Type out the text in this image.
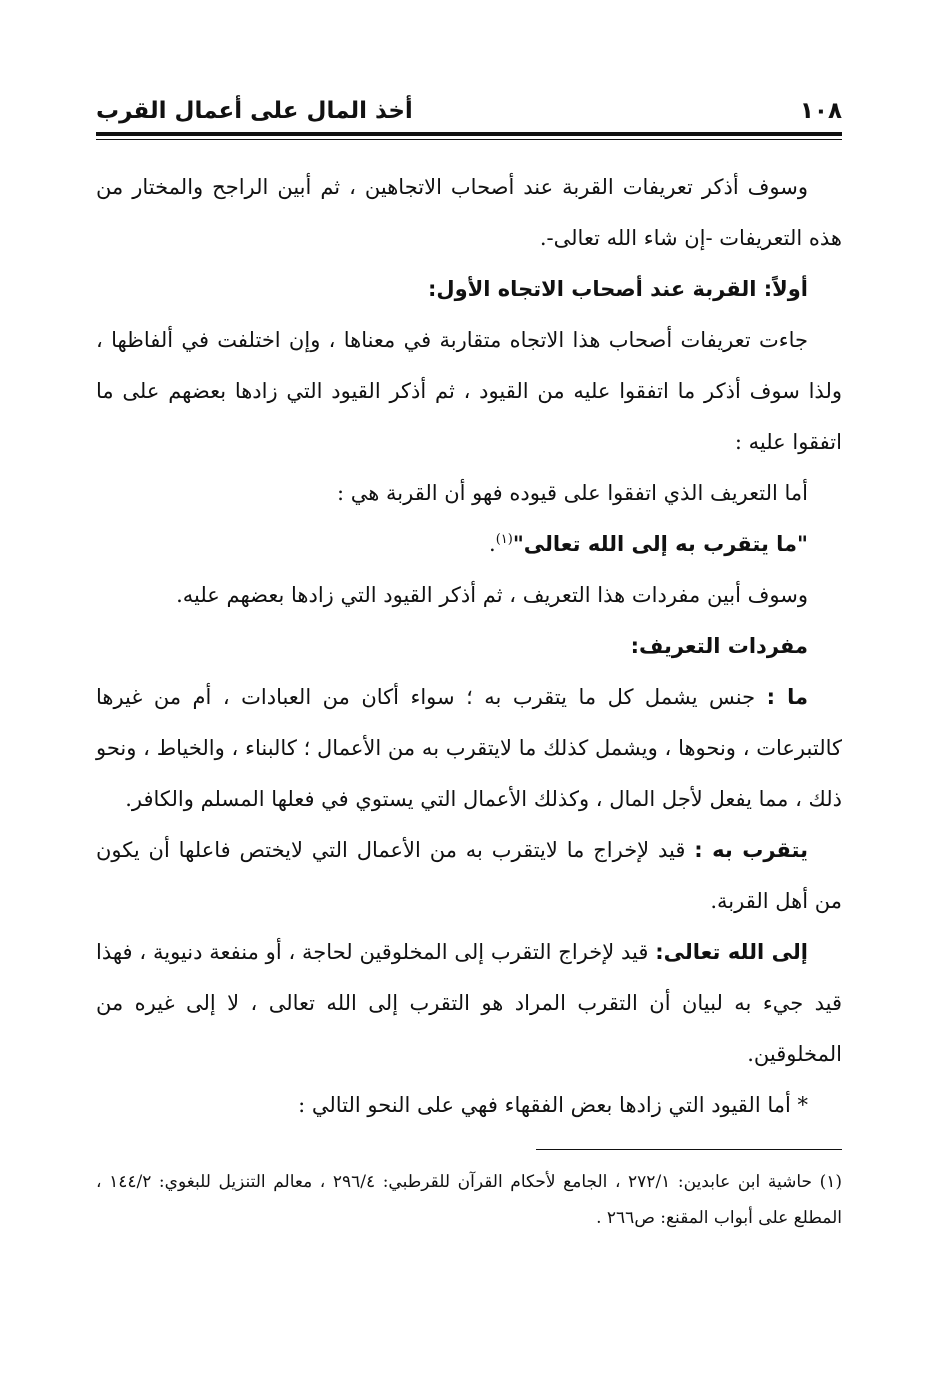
١٠٨
أخذ المال على أعمال القرب

وسوف أذكر تعريفات القربة عند أصحاب الاتجاهين ، ثم أبين الراجح والمختار من هذه التعريفات -إن شاء الله تعالى-.

أولاً: القربة عند أصحاب الاتجاه الأول:

جاءت تعريفات أصحاب هذا الاتجاه متقاربة في معناها ، وإن اختلفت في ألفاظها ، ولذا سوف أذكر ما اتفقوا عليه من القيود ، ثم أذكر القيود التي زادها بعضهم على ما اتفقوا عليه :

أما التعريف الذي اتفقوا على قيوده فهو أن القربة هي :

"ما يتقرب به إلى الله تعالى"$^{(١)}$.

وسوف أبين مفردات هذا التعريف ، ثم أذكر القيود التي زادها بعضهم عليه.

مفردات التعريف:

ما : جنس يشمل كل ما يتقرب به ؛ سواء أكان من العبادات ، أم من غيرها كالتبرعات ، ونحوها ، ويشمل كذلك ما لايتقرب به من الأعمال ؛ كالبناء ، والخياط ، ونحو ذلك ، مما يفعل لأجل المال ، وكذلك الأعمال التي يستوي في فعلها المسلم والكافر.

يتقرب به : قيد لإخراج ما لايتقرب به من الأعمال التي لايختص فاعلها أن يكون من أهل القربة.

إلى الله تعالى: قيد لإخراج التقرب إلى المخلوقين لحاجة ، أو منفعة دنيوية ، فهذا قيد جيء به لبيان أن التقرب المراد هو التقرب إلى الله تعالى ، لا إلى غيره من المخلوقين.

* أما القيود التي زادها بعض الفقهاء فهي على النحو التالي :

(١) حاشية ابن عابدين: ٢٧٢/١ ، الجامع لأحكام القرآن للقرطبي: ٢٩٦/٤ ، معالم التنزيل للبغوي: ١٤٤/٢ ، المطلع على أبواب المقنع: ص٢٦٦ .
